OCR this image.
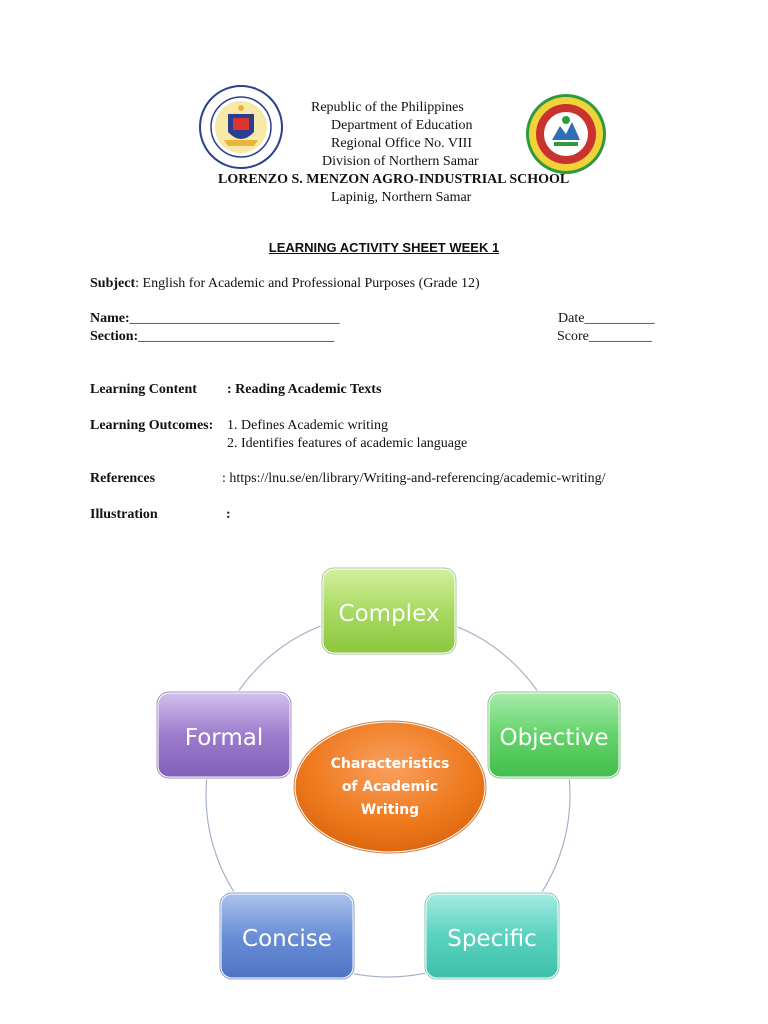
Republic of the Philippines
Department of Education
Regional Office No. VIII
Division of Northern Samar
LORENZO S. MENZON AGRO-INDUSTRIAL SCHOOL
Lapinig, Northern Samar
LEARNING ACTIVITY SHEET WEEK 1
Subject: English for Academic and Professional Purposes (Grade 12)
Name:______________________________
Section:____________________________
Date__________
Score_________
Learning Content : Reading Academic Texts
Learning Outcomes: 1. Defines Academic writing
2. Identifies features of academic language
References	: https://lnu.se/en/library/Writing-and-referencing/academic-writing/
Illustration	:
Complex
Objective
Specific
Concise
Formal
Characteristics
of Academic
Writing
